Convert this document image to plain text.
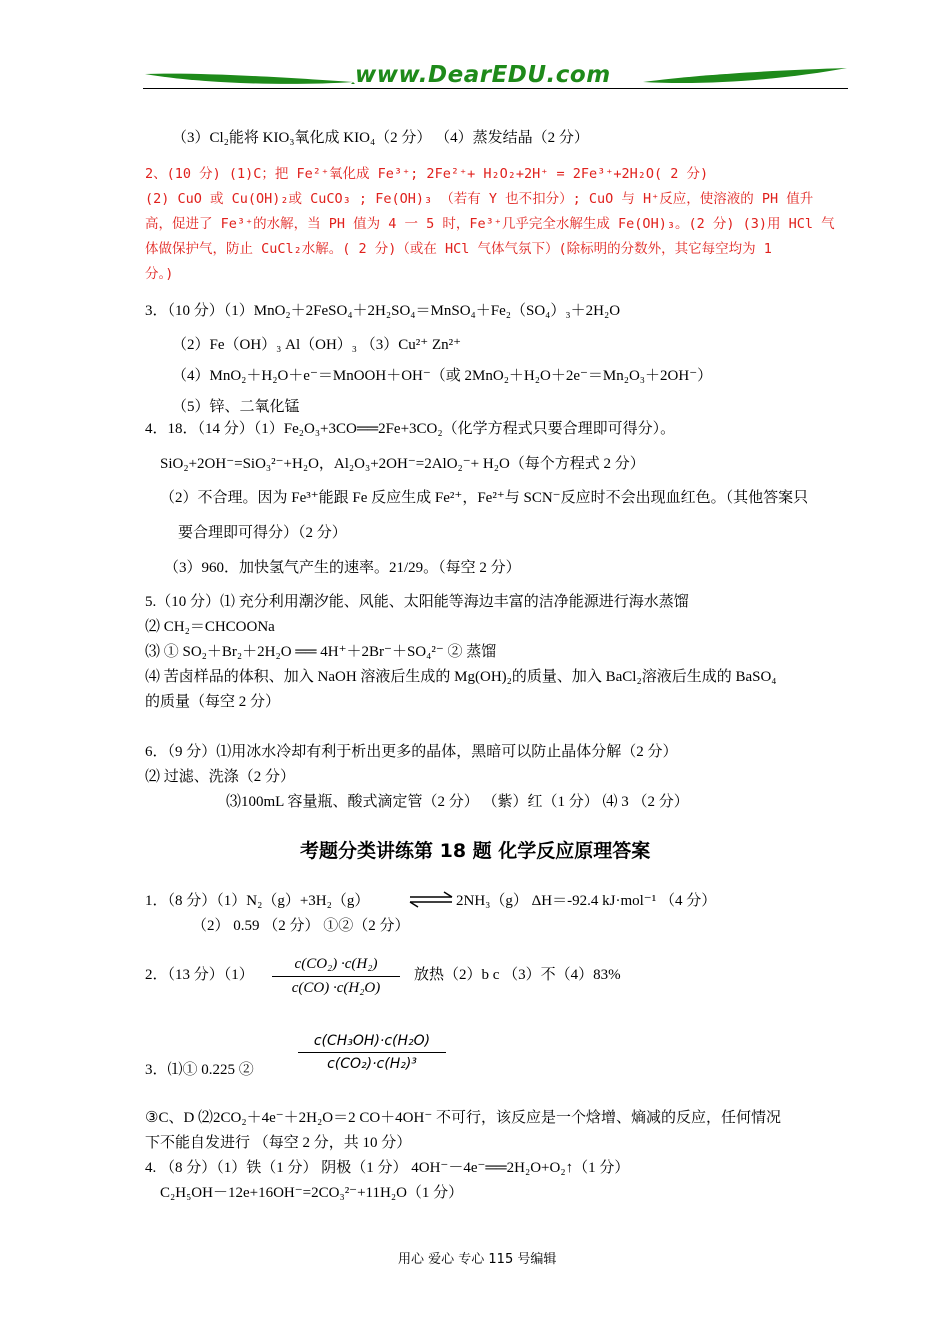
www.DearEDU.com
（3）Cl₂能将 KIO₃氧化成 KIO₄（2 分） （4）蒸发结晶（2 分）
2、(10 分) (1)C；把 Fe²⁺氧化成 Fe³⁺; 2Fe²⁺+ H₂O₂+2H⁺ = 2Fe³⁺+2H₂O( 2 分)
(2) CuO 或 Cu(OH)₂或 CuCO₃ ; Fe(OH)₃ （若有 Y 也不扣分）; CuO 与 H⁺反应，使溶液的 PH 值升
高，促进了 Fe³⁺的水解，当 PH 值为 4 一 5 时，Fe³⁺几乎完全水解生成 Fe(OH)₃。(2 分) (3)用 HCl 气
体做保护气，防止 CuCl₂水解。( 2 分)（或在 HCl 气体气氛下）(除标明的分数外，其它每空均为 1
分。)
3．（10 分）（1）MnO₂＋2FeSO₄＋2H₂SO₄＝MnSO₄＋Fe₂（SO₄）₃＋2H₂O
（2）Fe（OH）₃ Al（OH）₃ （3）Cu²⁺ Zn²⁺
（4）MnO₂＋H₂O＋e⁻＝MnOOH＋OH⁻（或 2MnO₂＋H₂O＋2e⁻＝Mn₂O₃＋2OH⁻）
（5）锌、二氧化锰
4．18．（14 分）（1）Fe₂O₃+3CO══2Fe+3CO₂（化学方程式只要合理即可得分）。
SiO₂+2OH⁻=SiO₃²⁻+H₂O，Al₂O₃+2OH⁻=2AlO₂⁻+ H₂O（每个方程式 2 分）
（2）不合理。因为 Fe³⁺能跟 Fe 反应生成 Fe²⁺，Fe²⁺与 SCN⁻反应时不会出现血红色。（其他答案只
要合理即可得分）（2 分）
（3）960．加快氢气产生的速率。21/29。（每空 2 分）
5.（10 分）⑴ 充分利用潮汐能、风能、太阳能等海边丰富的洁净能源进行海水蒸馏
⑵ CH₂＝CHCOONa
⑶ ① SO₂＋Br₂＋2H₂O ══ 4H⁺＋2Br⁻＋SO₄²⁻ ② 蒸馏
⑷ 苦卤样品的体积、加入 NaOH 溶液后生成的 Mg(OH)₂的质量、加入 BaCl₂溶液后生成的 BaSO₄
的质量（每空 2 分）
6．（9 分）⑴用冰水冷却有利于析出更多的晶体，黑暗可以防止晶体分解（2 分）
⑵ 过滤、洗涤（2 分）
⑶100mL 容量瓶、酸式滴定管（2 分） （紫）红（1 分） ⑷ 3 （2 分）
考题分类讲练第 18 题 化学反应原理答案
1．（8 分）（1）N₂（g）+3H₂（g）	⇌ 2NH₃（g） ΔH＝-92.4 kJ·mol⁻¹ （4 分）
（2） 0.59 （2 分） ①②（2 分）
2．（13 分）（1）
c(CO₂) ·c(H₂)
c(CO) ·c(H₂O)
放热（2）b c （3）不（4）83%
3．⑴① 0.225 ②
c(CH₃OH)·c(H₂O)
c(CO₂)·c(H₂)³
③C、D ⑵2CO₂＋4e⁻＋2H₂O＝2 CO＋4OH⁻ 不可行，该反应是一个焓增、熵减的反应，任何情况
下不能自发进行 （每空 2 分，共 10 分）
4. （8 分）（1）铁（1 分） 阴极（1 分） 4OH⁻－4e⁻══2H₂O+O₂↑（1 分）
C₂H₅OH－12e+16OH⁻=2CO₃²⁻+11H₂O（1 分）
用心 爱心 专心 115 号编辑
